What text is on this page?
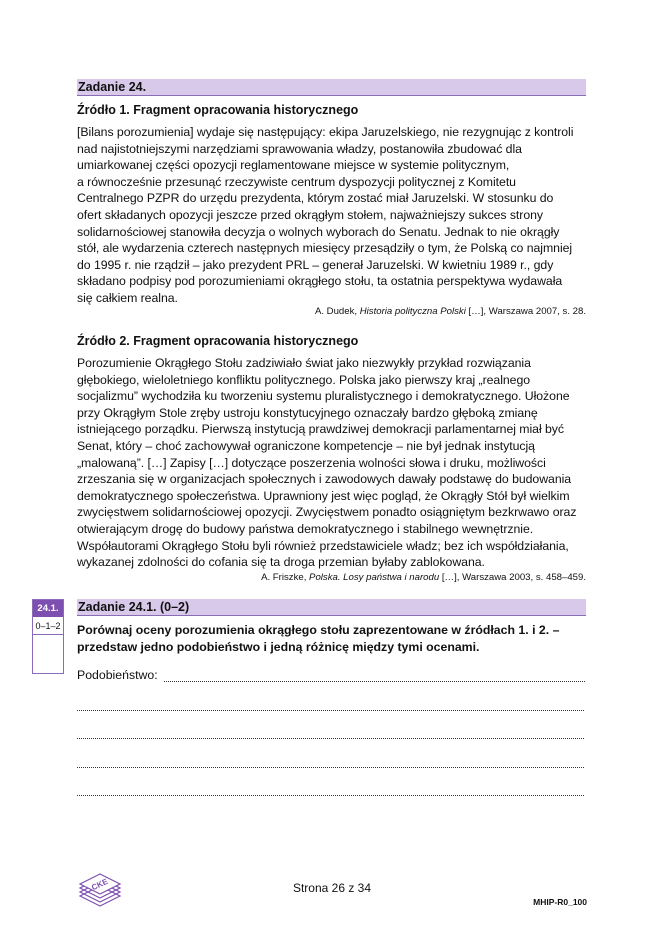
Zadanie 24.
Źródło 1. Fragment opracowania historycznego
[Bilans porozumienia] wydaje się następujący: ekipa Jaruzelskiego, nie rezygnując z kontroli
nad najistotniejszymi narzędziami sprawowania władzy, postanowiła zbudować dla
umiarkowanej części opozycji reglamentowane miejsce w systemie politycznym,
a równocześnie przesunąć rzeczywiste centrum dyspozycji politycznej z Komitetu
Centralnego PZPR do urzędu prezydenta, którym zostać miał Jaruzelski. W stosunku do
ofert składanych opozycji jeszcze przed okrągłym stołem, najważniejszy sukces strony
solidarnościowej stanowiła decyzja o wolnych wyborach do Senatu. Jednak to nie okrągły
stół, ale wydarzenia czterech następnych miesięcy przesądziły o tym, że Polską co najmniej
do 1995 r. nie rządził – jako prezydent PRL – generał Jaruzelski. W kwietniu 1989 r., gdy
składano podpisy pod porozumieniami okrągłego stołu, ta ostatnia perspektywa wydawała
się całkiem realna.
A. Dudek, Historia polityczna Polski […], Warszawa 2007, s. 28.
Źródło 2. Fragment opracowania historycznego
Porozumienie Okrągłego Stołu zadziwiało świat jako niezwykły przykład rozwiązania
głębokiego, wieloletniego konfliktu politycznego. Polska jako pierwszy kraj „realnego
socjalizmu” wychodziła ku tworzeniu systemu pluralistycznego i demokratycznego. Ułożone
przy Okrągłym Stole zręby ustroju konstytucyjnego oznaczały bardzo głęboką zmianę
istniejącego porządku. Pierwszą instytucją prawdziwej demokracji parlamentarnej miał być
Senat, który – choć zachowywał ograniczone kompetencje – nie był jednak instytucją
„malowaną”. […] Zapisy […] dotyczące poszerzenia wolności słowa i druku, możliwości
zrzeszania się w organizacjach społecznych i zawodowych dawały podstawę do budowania
demokratycznego społeczeństwa. Uprawniony jest więc pogląd, że Okrągły Stół był wielkim
zwycięstwem solidarnościowej opozycji. Zwycięstwem ponadto osiągniętym bezkrwawo oraz
otwierającym drogę do budowy państwa demokratycznego i stabilnego wewnętrznie.
Współautorami Okrągłego Stołu byli również przedstawiciele władz; bez ich współdziałania,
wykazanej zdolności do cofania się ta droga przemian byłaby zablokowana.
A. Friszke, Polska. Losy państwa i narodu […], Warszawa 2003, s. 458–459.
24.1.
0–1–2
Zadanie 24.1. (0–2)
Porównaj oceny porozumienia okrągłego stołu zaprezentowane w źródłach 1. i 2. –
przedstaw jedno podobieństwo i jedną różnicę między tymi ocenami.
Podobieństwo:
CKE	Strona 26 z 34
MHIP-R0_100
